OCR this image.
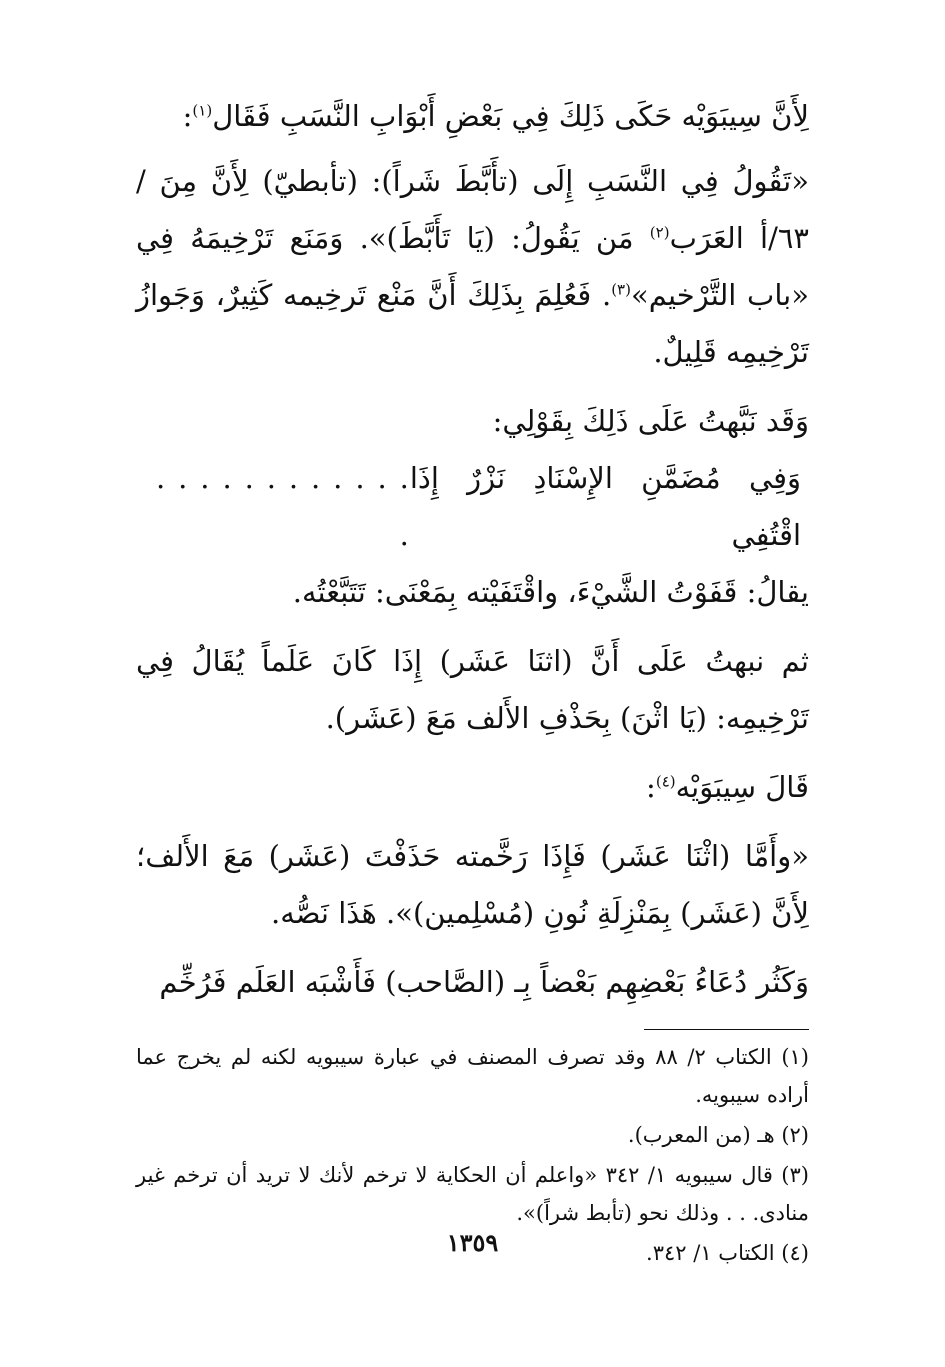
لِأَنَّ سِيبَوَيْه حَكَى ذَلِكَ فِي بَعْضِ أَبْوَابِ النَّسَبِ فَقَال$^{(١)}$:

«تَقُولُ فِي النَّسَبِ إِلَى (تأَبَّطَ شَراً): (تأبطيّ) لِأَنَّ مِنَ / ٦٣/أ العَرَب$^{(٢)}$ مَن يَقُولُ: (يَا تَأَبَّطَ)». وَمَنَع تَرْخِيمَهُ فِي «باب التَّرْخيم»$^{(٣)}$. فَعُلِمَ بِذَلِكَ أَنَّ مَنْع تَرخِيمه كَثِيرٌ، وَجَوازُ تَرْخِيمِه قَلِيلٌ.

وَقَد نَبَّهتُ عَلَى ذَلِكَ بِقَوْلِي:

وَفِي مُضَمَّنِ الإِسْنَادِ نَزْرٌ إِذَا اقْتُفِي
. . . . . . . . . . . . .

يقالُ: قَفَوْتُ الشَّيْءَ، واقْتَفَيْته بِمَعْنَى: تَتَبَّعْتُه.

ثم نبهتُ عَلَى أَنَّ (اثنَا عَشَر) إِذَا كَانَ عَلَماً يُقَالُ فِي تَرْخِيمِه: (يَا اثْنَ) بِحَذْفِ الأَلف مَعَ (عَشَر).

قَالَ سِيبَوَيْه$^{(٤)}$:

«وأَمَّا (اثْنَا عَشَر) فَإِذَا رَخَّمته حَذَفْتَ (عَشَر) مَعَ الأَلف؛ لِأَنَّ (عَشَر) بِمَنْزِلَةِ نُونِ (مُسْلِمين)». هَذَا نَصُّه.

وَكَثُر دُعَاءُ بَعْضِهِم بَعْضاً بِـ (الصَّاحب) فَأَشْبَه العَلَم فَرُخِّم

(١) الكتاب ٢/ ٨٨ وقد تصرف المصنف في عبارة سيبويه لكنه لم يخرج عما أراده سيبويه.

(٢) هـ (من المعرب).

(٣) قال سيبويه ١/ ٣٤٢ «واعلم أن الحكاية لا ترخم لأنك لا تريد أن ترخم غير منادى. . . وذلك نحو (تأبط شراً)».

(٤) الكتاب ١/ ٣٤٢.

١٣٥٩
